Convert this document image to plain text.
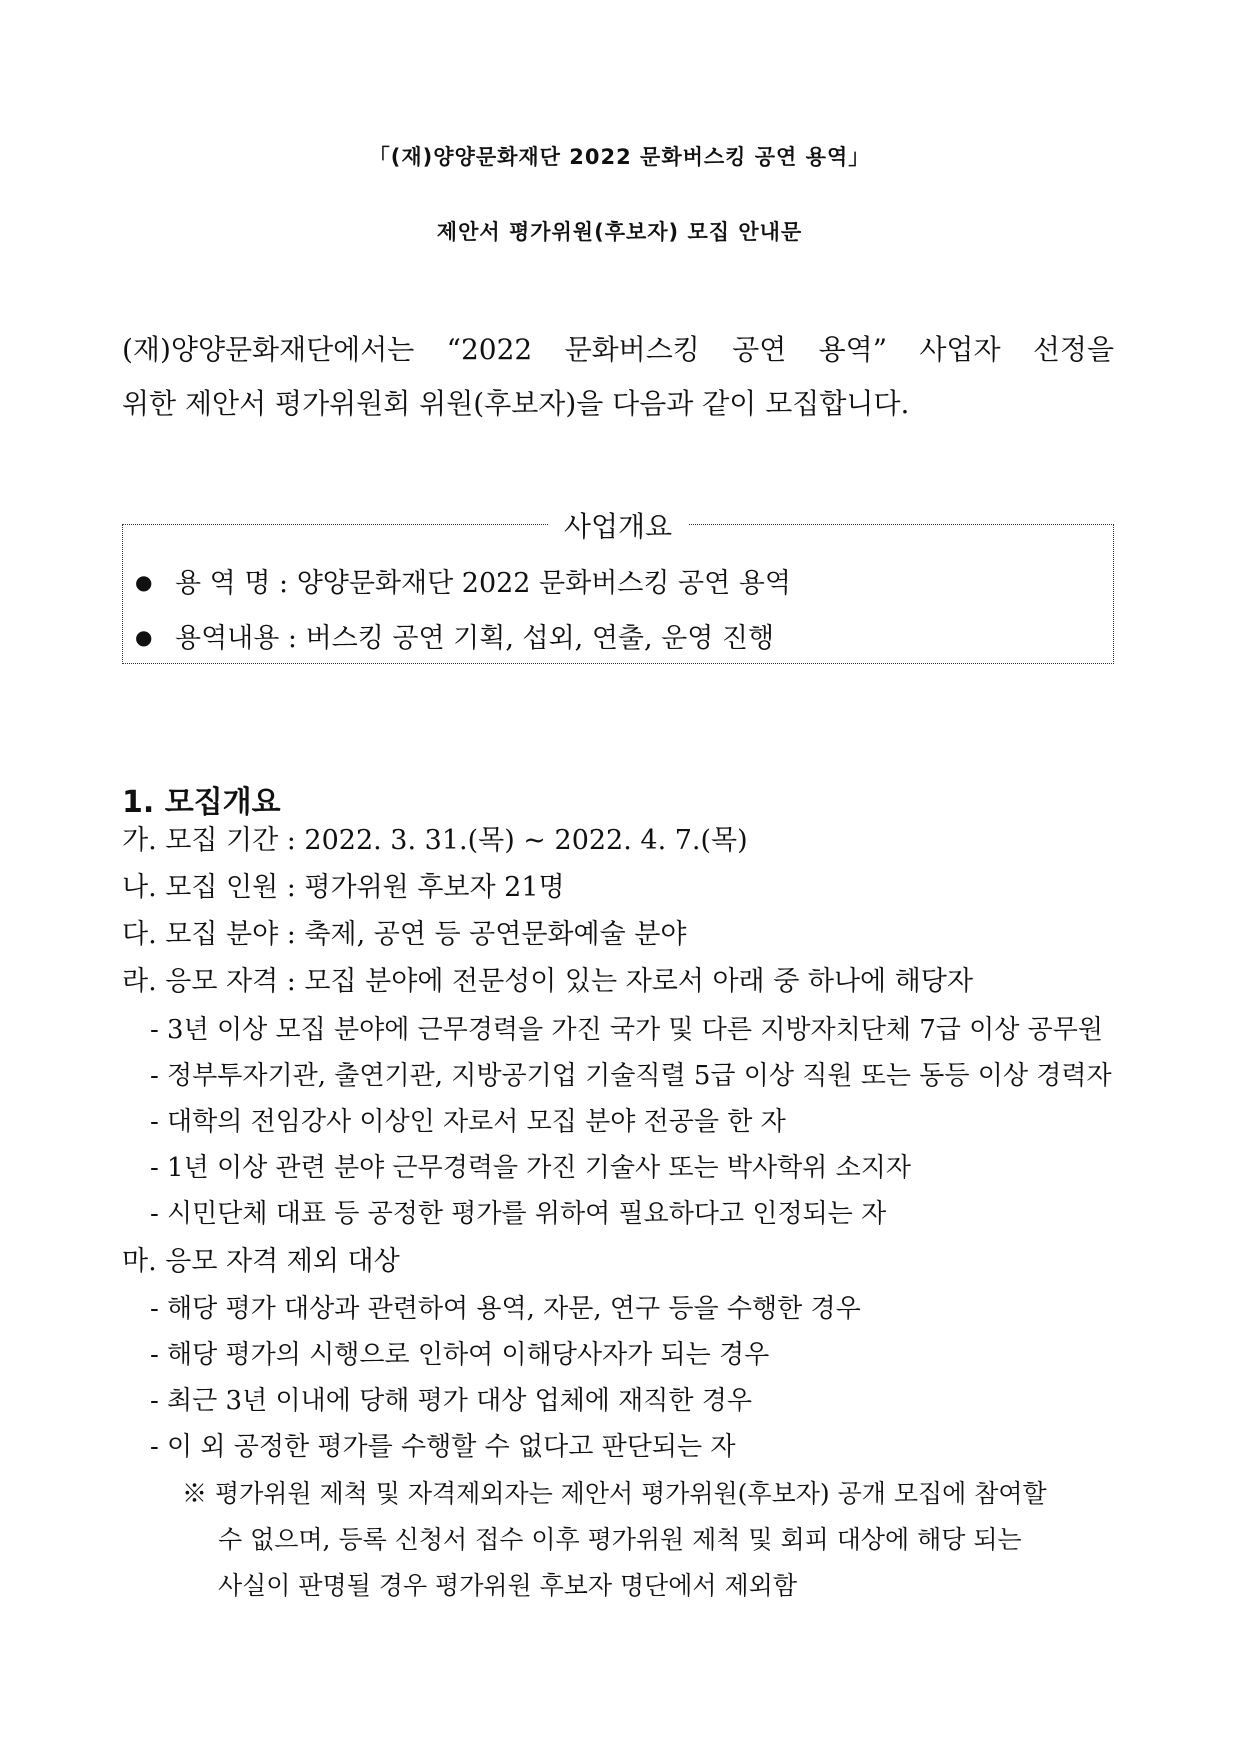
「(재)양양문화재단 2022 문화버스킹 공연 용역」
제안서 평가위원(후보자) 모집 안내문
(재)양양문화재단에서는 “2022 문화버스킹 공연 용역” 사업자 선정을
위한 제안서 평가위원회 위원(후보자)을 다음과 같이 모집합니다.
사업개요
● 용 역 명 : 양양문화재단 2022 문화버스킹 공연 용역
● 용역내용 : 버스킹 공연 기획, 섭외, 연출, 운영 진행
1. 모집개요
가. 모집 기간 : 2022. 3. 31.(목) ~ 2022. 4. 7.(목)
나. 모집 인원 : 평가위원 후보자 21명
다. 모집 분야 : 축제, 공연 등 공연문화예술 분야
라. 응모 자격 : 모집 분야에 전문성이 있는 자로서 아래 중 하나에 해당자
- 3년 이상 모집 분야에 근무경력을 가진 국가 및 다른 지방자치단체 7급 이상 공무원
- 정부투자기관, 출연기관, 지방공기업 기술직렬 5급 이상 직원 또는 동등 이상 경력자
- 대학의 전임강사 이상인 자로서 모집 분야 전공을 한 자
- 1년 이상 관련 분야 근무경력을 가진 기술사 또는 박사학위 소지자
- 시민단체 대표 등 공정한 평가를 위하여 필요하다고 인정되는 자
마. 응모 자격 제외 대상
- 해당 평가 대상과 관련하여 용역, 자문, 연구 등을 수행한 경우
- 해당 평가의 시행으로 인하여 이해당사자가 되는 경우
- 최근 3년 이내에 당해 평가 대상 업체에 재직한 경우
- 이 외 공정한 평가를 수행할 수 없다고 판단되는 자
※ 평가위원 제척 및 자격제외자는 제안서 평가위원(후보자) 공개 모집에 참여할
수 없으며, 등록 신청서 접수 이후 평가위원 제척 및 회피 대상에 해당 되는
사실이 판명될 경우 평가위원 후보자 명단에서 제외함
